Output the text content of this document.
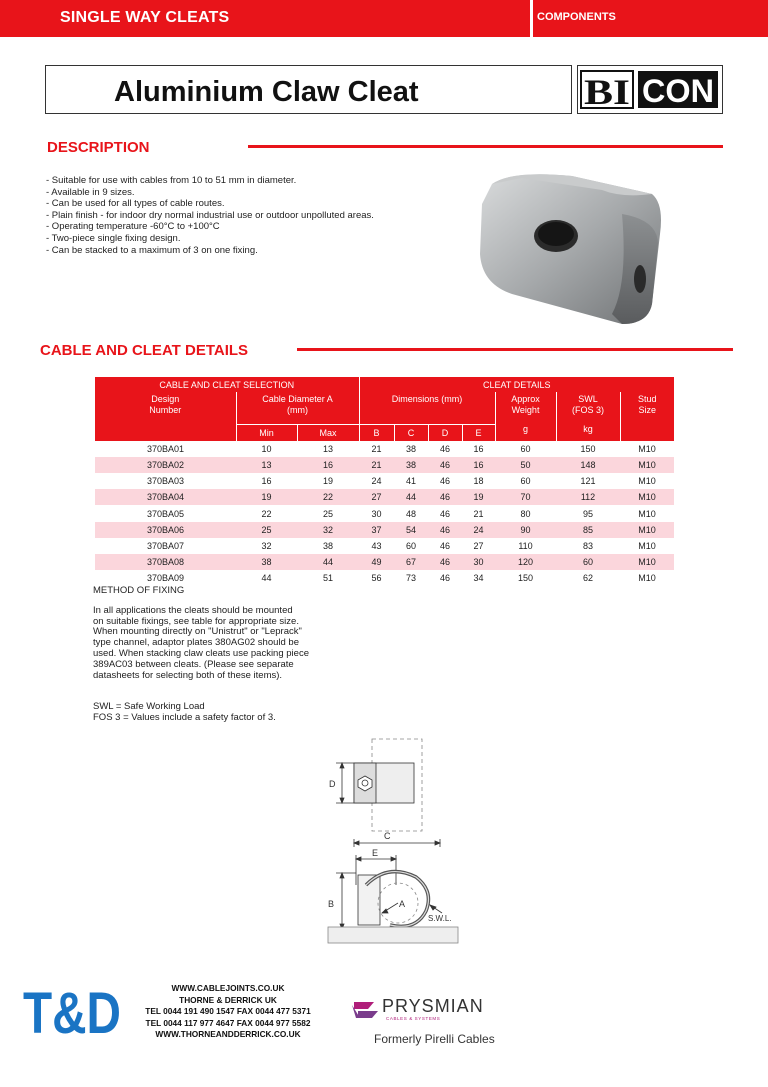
SINGLE WAY CLEATS	COMPONENTS
Aluminium Claw Cleat	BI CON
DESCRIPTION
- Suitable for use with cables from 10 to 51 mm in diameter.
- Available in 9 sizes.
- Can be used for all types of cable routes.
- Plain finish - for indoor dry normal industrial use or outdoor unpolluted areas.
- Operating temperature -60°C to +100°C
- Two-piece single fixing design.
- Can be stacked to a maximum of 3 on one fixing.
CABLE AND CLEAT DETAILS
CABLE AND CLEAT SELECTION			CLEAT DETAILS						

Design Number	Cable Diameter A (mm)		Dimensions (mm)				Approx Weight	SWL (FOS 3)	Stud Size

	Min	Max	B	C	D	E	g	kg	
370BA01	10	13	21	38	46	16	60	150	M10
370BA02	13	16	21	38	46	16	50	148	M10
370BA03	16	19	24	41	46	18	60	121	M10
370BA04	19	22	27	44	46	19	70	112	M10
370BA05	22	25	30	48	46	21	80	95	M10
370BA06	25	32	37	54	46	24	90	85	M10
370BA07	32	38	43	60	46	27	110	83	M10
370BA08	38	44	49	67	46	30	120	60	M10
370BA09	44	51	56	73	46	34	150	62	M10
METHOD OF FIXING
In all applications the cleats should be mounted
on suitable fixings, see table for appropriate size.
When mounting directly on "Unistrut" or "Leprack"
type channel, adaptor plates 380AG02 should be
used. When stacking claw cleats use packing piece
389AC03 between cleats. (Please see separate
datasheets for selecting both of these items).
SWL = Safe Working Load
FOS 3 = Values include a safety factor of 3.
D
C
E
A
S.W.L.
B
T&D	WWW.CABLEJOINTS.CO.UK
THORNE & DERRICK UK
TEL 0044 191 490 1547 FAX 0044 477 5371
TEL 0044 117 977 4647 FAX 0044 977 5582
WWW.THORNEANDDERRICK.CO.UK
PRYSMIAN
CABLES & SYSTEMS
Formerly Pirelli Cables
